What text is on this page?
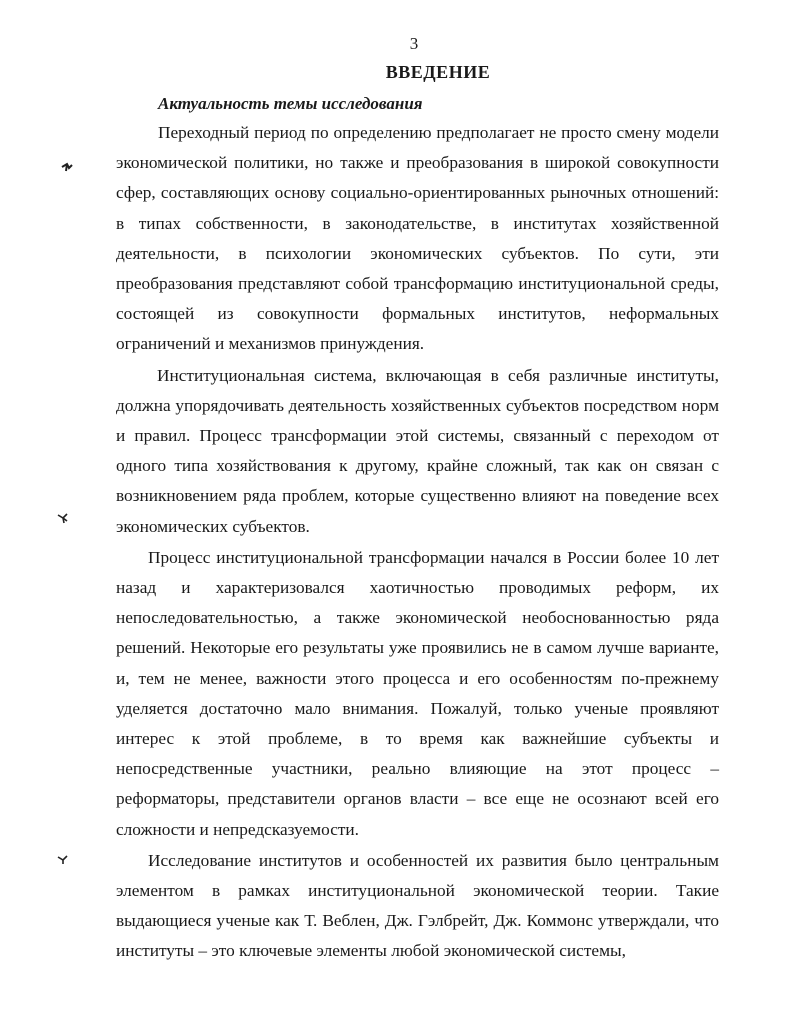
3
ВВЕДЕНИЕ
Актуальность темы исследования

Переходный период по определению предполагает не просто смену модели экономической политики, но также и преобразования в широкой совокупности сфер, составляющих основу социально-ориентированных рыночных отношений: в типах собственности, в законодательстве, в институтах хозяйственной деятельности, в психологии экономических субъектов. По сути, эти преобразования представляют собой трансформацию институциональной среды, состоящей из совокупности формальных институтов, неформальных ограничений и механизмов принуждения.

Институциональная система, включающая в себя различные институты, должна упорядочивать деятельность хозяйственных субъектов посредством норм и правил. Процесс трансформации этой системы, связанный с переходом от одного типа хозяйствования к другому, крайне сложный, так как он связан с возникновением ряда проблем, которые существенно влияют на поведение всех экономических субъектов.

Процесс институциональной трансформации начался в России более 10 лет назад и характеризовался хаотичностью проводимых реформ, их непоследовательностью, а также экономической необоснованностью ряда решений. Некоторые его результаты уже проявились не в самом лучше варианте, и, тем не менее, важности этого процесса и его особенностям по-прежнему уделяется достаточно мало внимания. Пожалуй, только ученые проявляют интерес к этой проблеме, в то время как важнейшие субъекты и непосредственные участники, реально влияющие на этот процесс – реформаторы, представители органов власти – все еще не осознают всей его сложности и непредсказуемости.

Исследование институтов и особенностей их развития было центральным элементом в рамках институциональной экономической теории. Такие выдающиеся ученые как Т. Веблен, Дж. Гэлбрейт, Дж. Коммонс утверждали, что институты – это ключевые элементы любой экономической системы,
